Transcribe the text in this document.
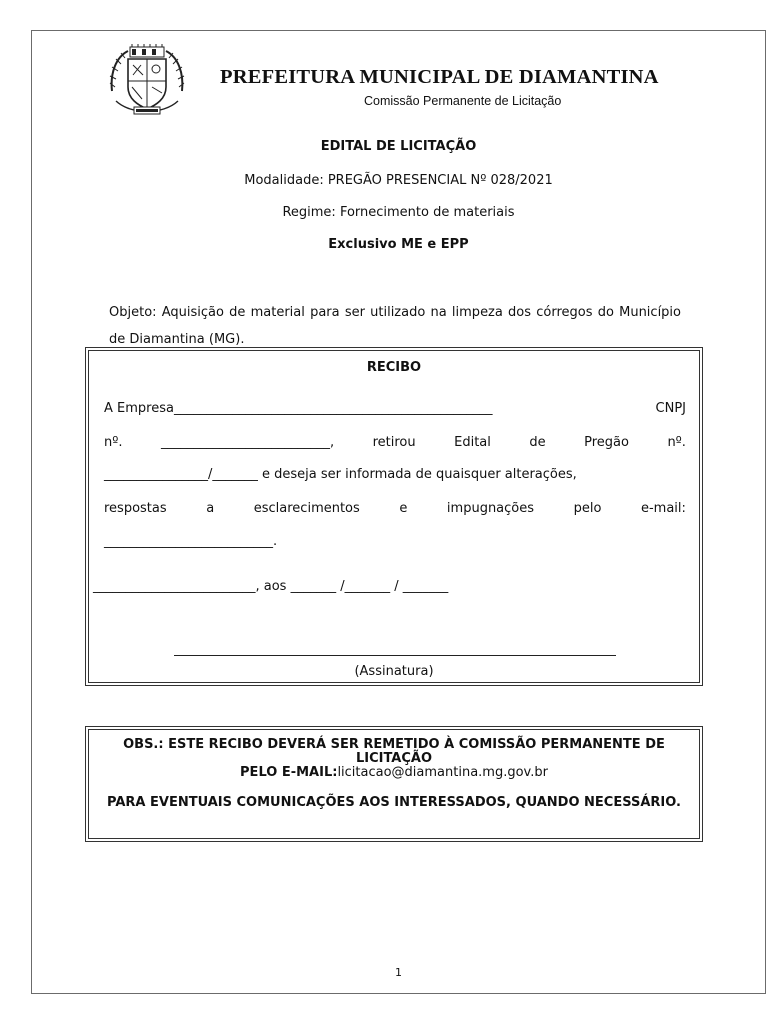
PREFEITURA MUNICIPAL DE DIAMANTINA
Comissão Permanente de Licitação
EDITAL DE LICITAÇÃO
Modalidade: PREGÃO PRESENCIAL Nº 028/2021
Regime: Fornecimento de materiais
Exclusivo ME e EPP
Objeto: Aquisição de material para ser utilizado na limpeza dos córregos do Município de Diamantina (MG).
RECIBO
A Empresa_________________________________________________	CNPJ
nº.	__________________________,	retirou	Edital	de	Pregão	nº.
________________/_______ e deseja ser informada de quaisquer alterações,
respostas	a	esclarecimentos	e	impugnações	pelo	e-mail:
__________________________.
_________________________, aos _______ /_______ / _______
(Assinatura)
OBS.: ESTE RECIBO DEVERÁ SER REMETIDO À COMISSÃO PERMANENTE DE LICITAÇÃO
PELO E-MAIL:licitacao@diamantina.mg.gov.br
PARA EVENTUAIS COMUNICAÇÕES AOS INTERESSADOS, QUANDO NECESSÁRIO.
1
